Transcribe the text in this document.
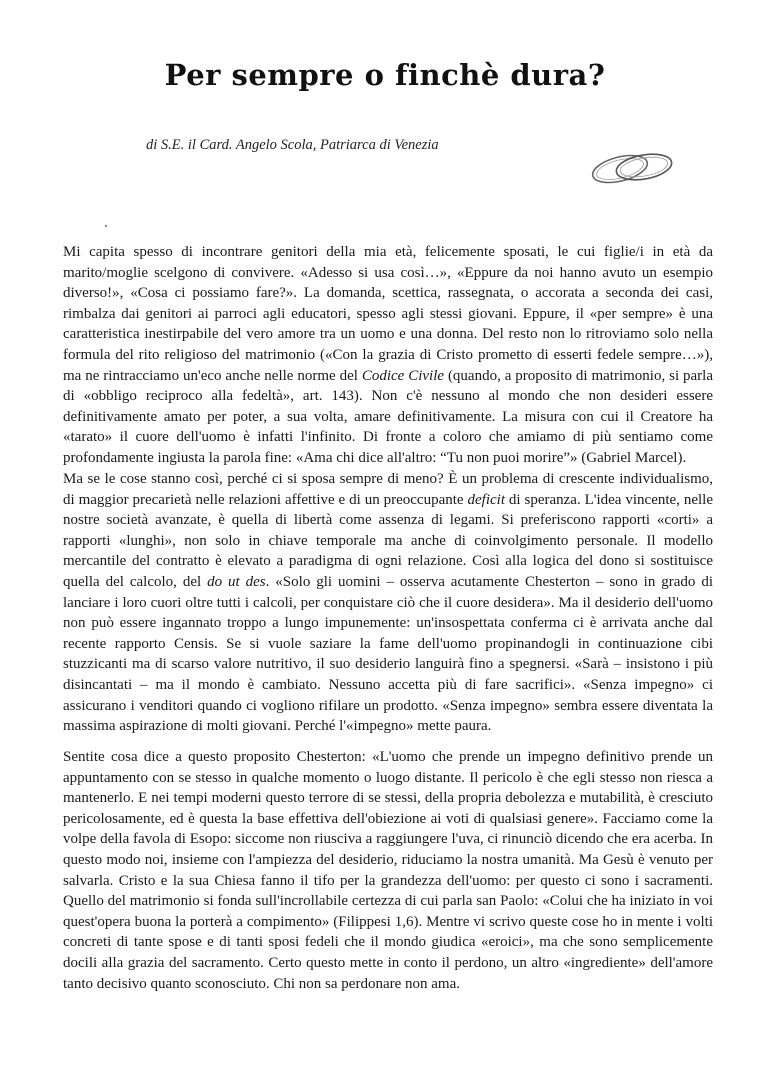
Per sempre o finchè dura?
di S.E. il Card. Angelo Scola, Patriarca di Venezia

Mi capita spesso di incontrare genitori della mia età, felicemente sposati, le cui figlie/i in età da marito/moglie scelgono di convivere. «Adesso si usa così…», «Eppure da noi hanno avuto un esempio diverso!», «Cosa ci possiamo fare?». La domanda, scettica, rassegnata, o accorata a seconda dei casi, rimbalza dai genitori ai parroci agli educatori, spesso agli stessi giovani. Eppure, il «per sempre» è una caratteristica inestirpabile del vero amore tra un uomo e una donna. Del resto non lo ritroviamo solo nella formula del rito religioso del matrimonio («Con la grazia di Cristo prometto di esserti fedele sempre…»), ma ne rintracciamo un'eco anche nelle norme del Codice Civile (quando, a proposito di matrimonio, si parla di «obbligo reciproco alla fedeltà», art. 143). Non c'è nessuno al mondo che non desideri essere definitivamente amato per poter, a sua volta, amare definitivamente. La misura con cui il Creatore ha «tarato» il cuore dell'uomo è infatti l'infinito. Di fronte a coloro che amiamo di più sentiamo come profondamente ingiusta la parola fine: «Ama chi dice all'altro: “Tu non puoi morire”» (Gabriel Marcel).

Ma se le cose stanno così, perché ci si sposa sempre di meno? È un problema di crescente individualismo, di maggior precarietà nelle relazioni affettive e di un preoccupante deficit di speranza. L'idea vincente, nelle nostre società avanzate, è quella di libertà come assenza di legami. Si preferiscono rapporti «corti» a rapporti «lunghi», non solo in chiave temporale ma anche di coinvolgimento personale. Il modello mercantile del contratto è elevato a paradigma di ogni relazione. Così alla logica del dono si sostituisce quella del calcolo, del do ut des. «Solo gli uomini – osserva acutamente Chesterton – sono in grado di lanciare i loro cuori oltre tutti i calcoli, per conquistare ciò che il cuore desidera». Ma il desiderio dell'uomo non può essere ingannato troppo a lungo impunemente: un'insospettata conferma ci è arrivata anche dal recente rapporto Censis. Se si vuole saziare la fame dell'uomo propinandogli in continuazione cibi stuzzicanti ma di scarso valore nutritivo, il suo desiderio languirà fino a spegnersi. «Sarà – insistono i più disincantati – ma il mondo è cambiato. Nessuno accetta più di fare sacrifici». «Senza impegno» ci assicurano i venditori quando ci vogliono rifilare un prodotto. «Senza impegno» sembra essere diventata la massima aspirazione di molti giovani. Perché l'«impegno» mette paura.

Sentite cosa dice a questo proposito Chesterton: «L'uomo che prende un impegno definitivo prende un appuntamento con se stesso in qualche momento o luogo distante. Il pericolo è che egli stesso non riesca a mantenerlo. E nei tempi moderni questo terrore di se stessi, della propria debolezza e mutabilità, è cresciuto pericolosamente, ed è questa la base effettiva dell'obiezione ai voti di qualsiasi genere». Facciamo come la volpe della favola di Esopo: siccome non riusciva a raggiungere l'uva, ci rinunciò dicendo che era acerba. In questo modo noi, insieme con l'ampiezza del desiderio, riduciamo la nostra umanità. Ma Gesù è venuto per salvarla. Cristo e la sua Chiesa fanno il tifo per la grandezza dell'uomo: per questo ci sono i sacramenti. Quello del matrimonio si fonda sull'incrollabile certezza di cui parla san Paolo: «Colui che ha iniziato in voi quest'opera buona la porterà a compimento» (Filippesi 1,6). Mentre vi scrivo queste cose ho in mente i volti concreti di tante spose e di tanti sposi fedeli che il mondo giudica «eroici», ma che sono semplicemente docili alla grazia del sacramento. Certo questo mette in conto il perdono, un altro «ingrediente» dell'amore tanto decisivo quanto sconosciuto. Chi non sa perdonare non ama.
